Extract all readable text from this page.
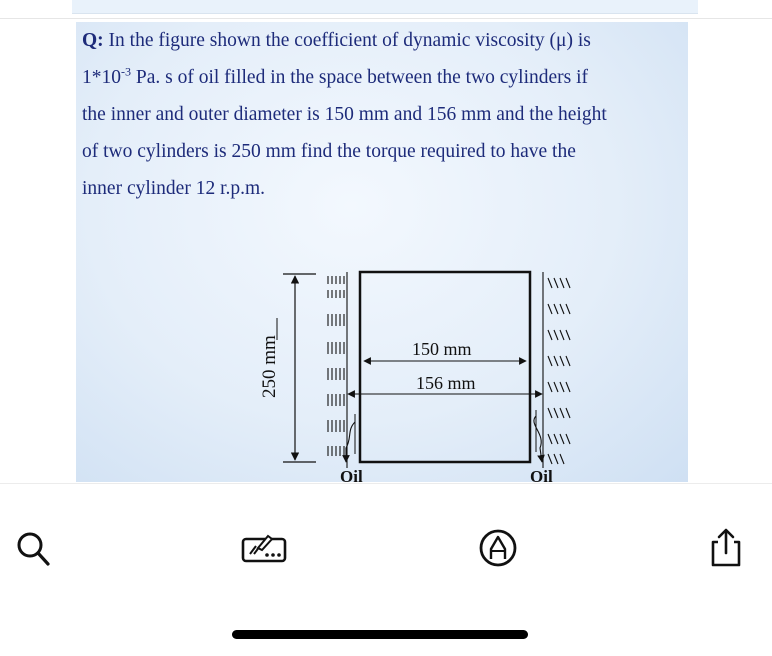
Q: In the figure shown the coefficient of dynamic viscosity (μ) is
$1*10^{-3}$ Pa. s of oil filled in the space between the two cylinders if
the inner and outer diameter is 150 mm and 156 mm and the height
of two cylinders is 250 mm find the torque required to have the
inner cylinder 12 r.p.m.
250 mm	150 mm
156 mm
Oil	Oil
